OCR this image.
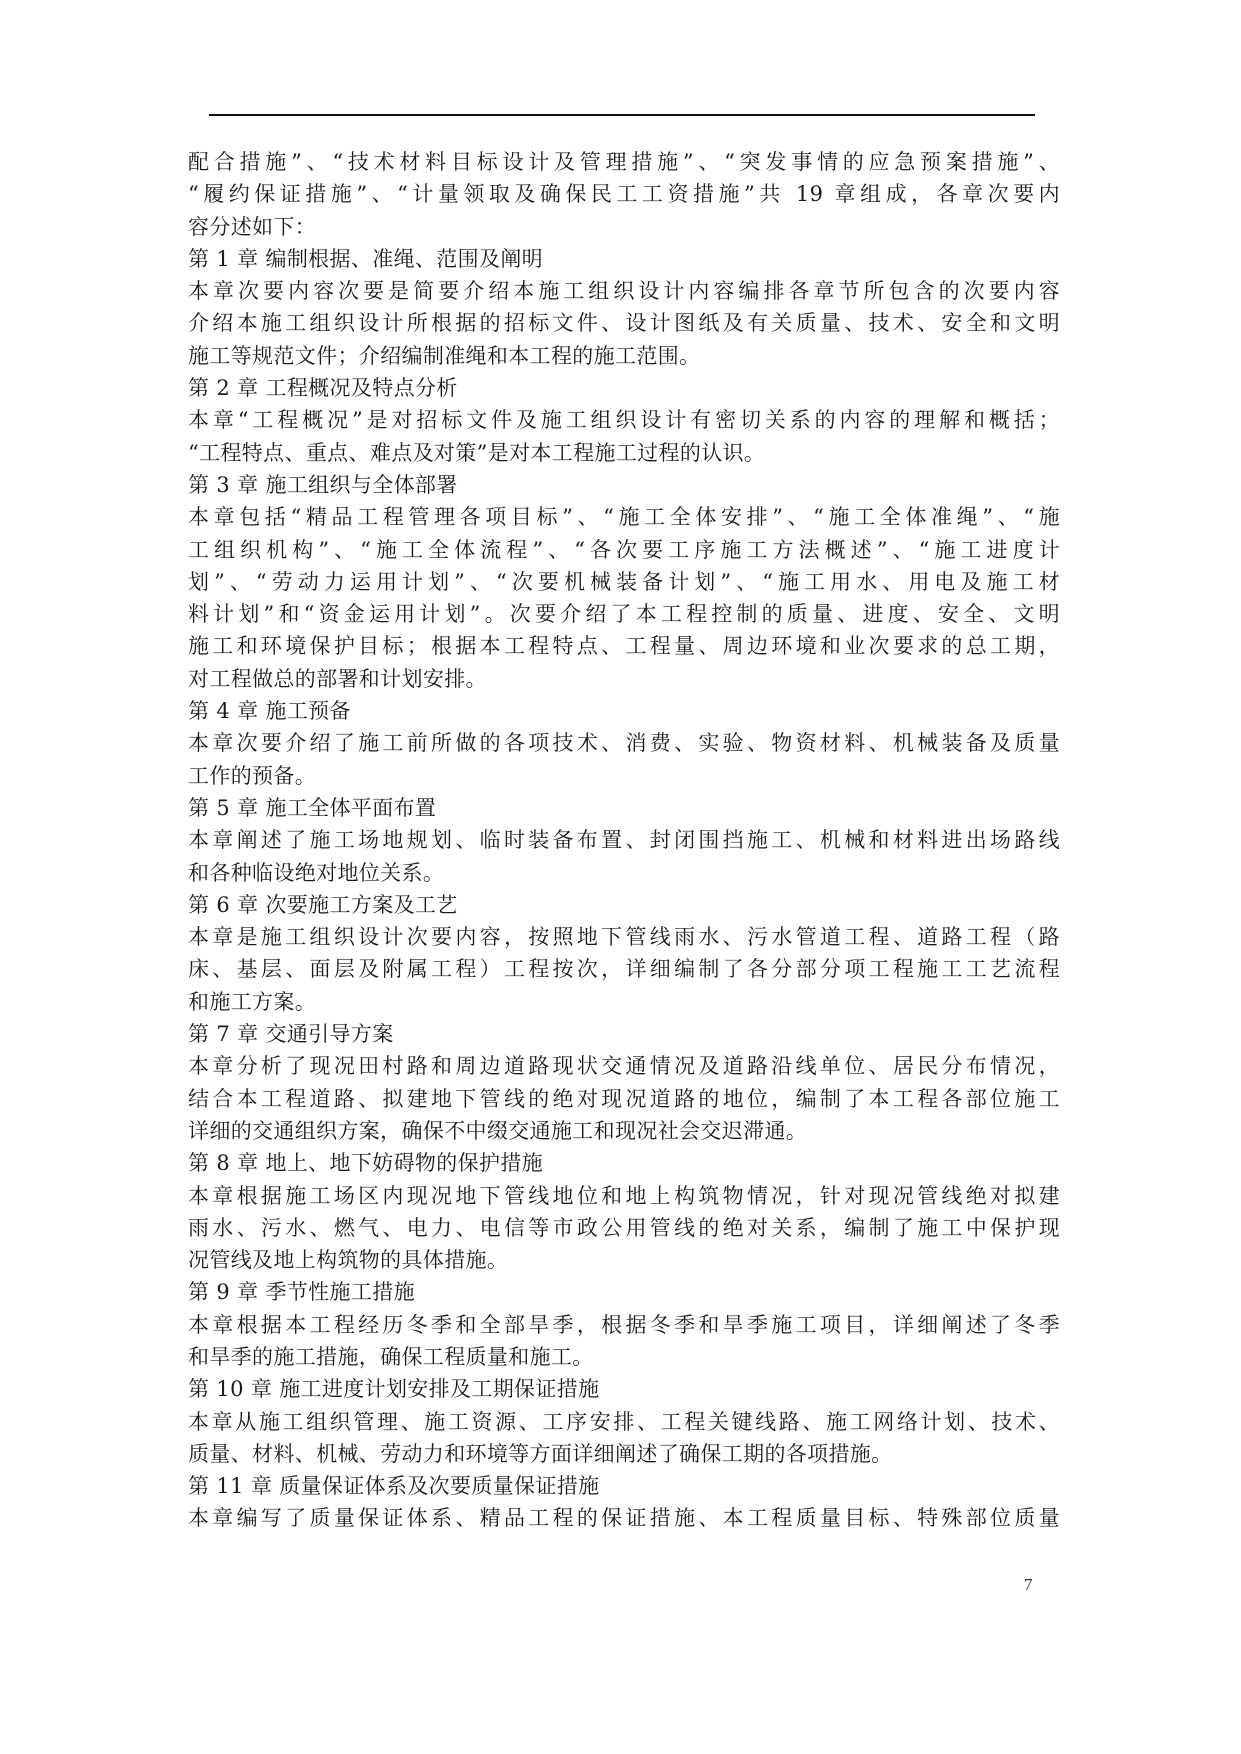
配合措施”、“技术材料目标设计及管理措施”、“突发事情的应急预案措施”、
“履约保证措施”、“计量领取及确保民工工资措施”共 19 章组成，各章次要内
容分述如下：
第 1 章 编制根据、准绳、范围及阐明
本章次要内容次要是简要介绍本施工组织设计内容编排各章节所包含的次要内容
介绍本施工组织设计所根据的招标文件、设计图纸及有关质量、技术、安全和文明
施工等规范文件；介绍编制准绳和本工程的施工范围。
第 2 章 工程概况及特点分析
本章“工程概况”是对招标文件及施工组织设计有密切关系的内容的理解和概括；
“工程特点、重点、难点及对策”是对本工程施工过程的认识。
第 3 章 施工组织与全体部署
本章包括“精品工程管理各项目标”、“施工全体安排”、“施工全体准绳”、“施
工组织机构”、“施工全体流程”、“各次要工序施工方法概述”、“施工进度计
划”、“劳动力运用计划”、“次要机械装备计划”、“施工用水、用电及施工材
料计划”和“资金运用计划”。次要介绍了本工程控制的质量、进度、安全、文明
施工和环境保护目标；根据本工程特点、工程量、周边环境和业次要求的总工期，
对工程做总的部署和计划安排。
第 4 章 施工预备
本章次要介绍了施工前所做的各项技术、消费、实验、物资材料、机械装备及质量
工作的预备。
第 5 章 施工全体平面布置
本章阐述了施工场地规划、临时装备布置、封闭围挡施工、机械和材料进出场路线
和各种临设绝对地位关系。
第 6 章 次要施工方案及工艺
本章是施工组织设计次要内容，按照地下管线雨水、污水管道工程、道路工程（路
床、基层、面层及附属工程）工程按次，详细编制了各分部分项工程施工工艺流程
和施工方案。
第 7 章 交通引导方案
本章分析了现况田村路和周边道路现状交通情况及道路沿线单位、居民分布情况，
结合本工程道路、拟建地下管线的绝对现况道路的地位，编制了本工程各部位施工
详细的交通组织方案，确保不中缀交通施工和现况社会交迟滞通。
第 8 章 地上、地下妨碍物的保护措施
本章根据施工场区内现况地下管线地位和地上构筑物情况，针对现况管线绝对拟建
雨水、污水、燃气、电力、电信等市政公用管线的绝对关系，编制了施工中保护现
况管线及地上构筑物的具体措施。
第 9 章 季节性施工措施
本章根据本工程经历冬季和全部旱季，根据冬季和旱季施工项目，详细阐述了冬季
和旱季的施工措施，确保工程质量和施工。
第 10 章 施工进度计划安排及工期保证措施
本章从施工组织管理、施工资源、工序安排、工程关键线路、施工网络计划、技术、
质量、材料、机械、劳动力和环境等方面详细阐述了确保工期的各项措施。
第 11 章 质量保证体系及次要质量保证措施
本章编写了质量保证体系、精品工程的保证措施、本工程质量目标、特殊部位质量
7
